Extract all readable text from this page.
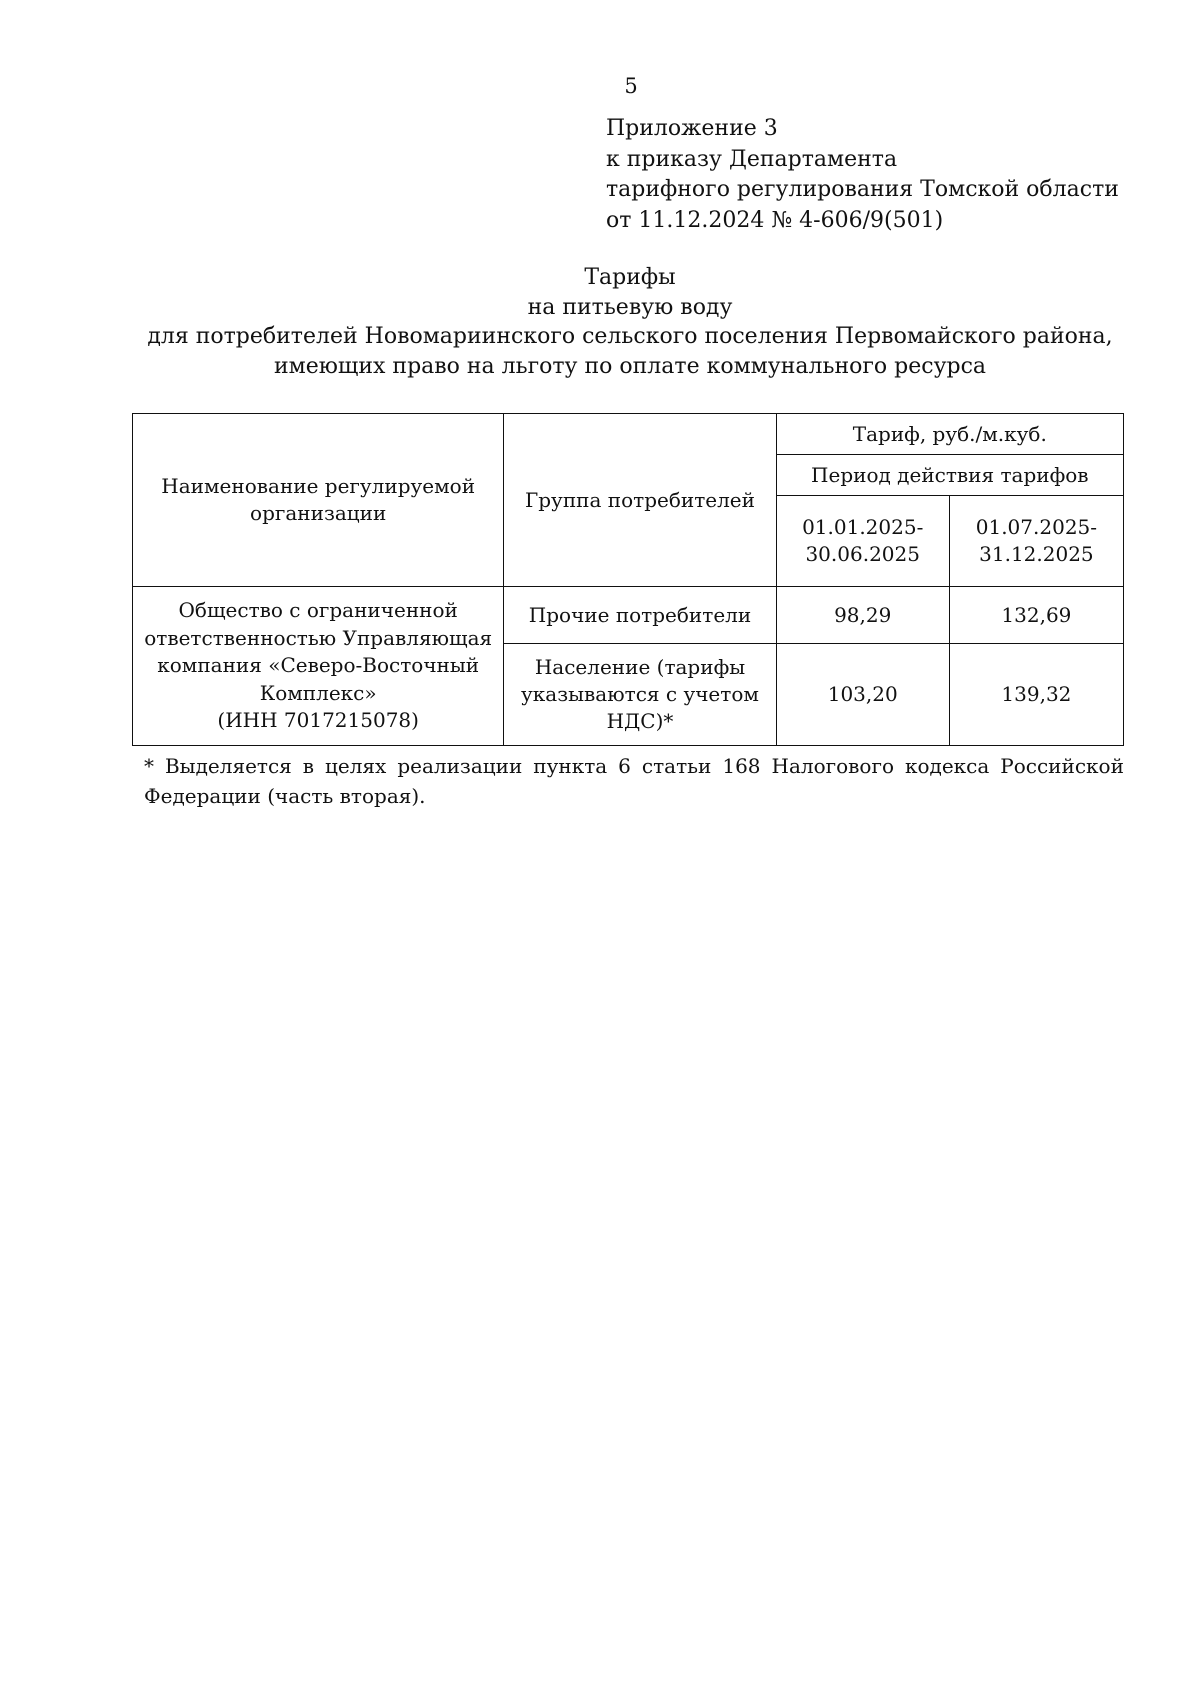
5
Приложение 3
к приказу Департамента
тарифного регулирования Томской области
от 11.12.2024 № 4-606/9(501)
Тарифы
на питьевую воду
для потребителей Новомариинского сельского поселения Первомайского района,
имеющих право на льготу по оплате коммунального ресурса
Наименование регулируемой организации	Группа потребителей	Тариф, руб./м.куб.	
		Период действия тарифов	
		01.01.2025-30.06.2025	01.07.2025-31.12.2025

Общество с ограниченной
ответственностью Управляющая
компания «Северо-Восточный
Комплекс»
(ИНН 7017215078)	Прочие потребители	98,29	132,69
	Население (тарифы указываются с учетом НДС)*	103,20	139,32
* Выделяется в целях реализации пункта 6 статьи 168 Налогового кодекса Российской
Федерации (часть вторая).
